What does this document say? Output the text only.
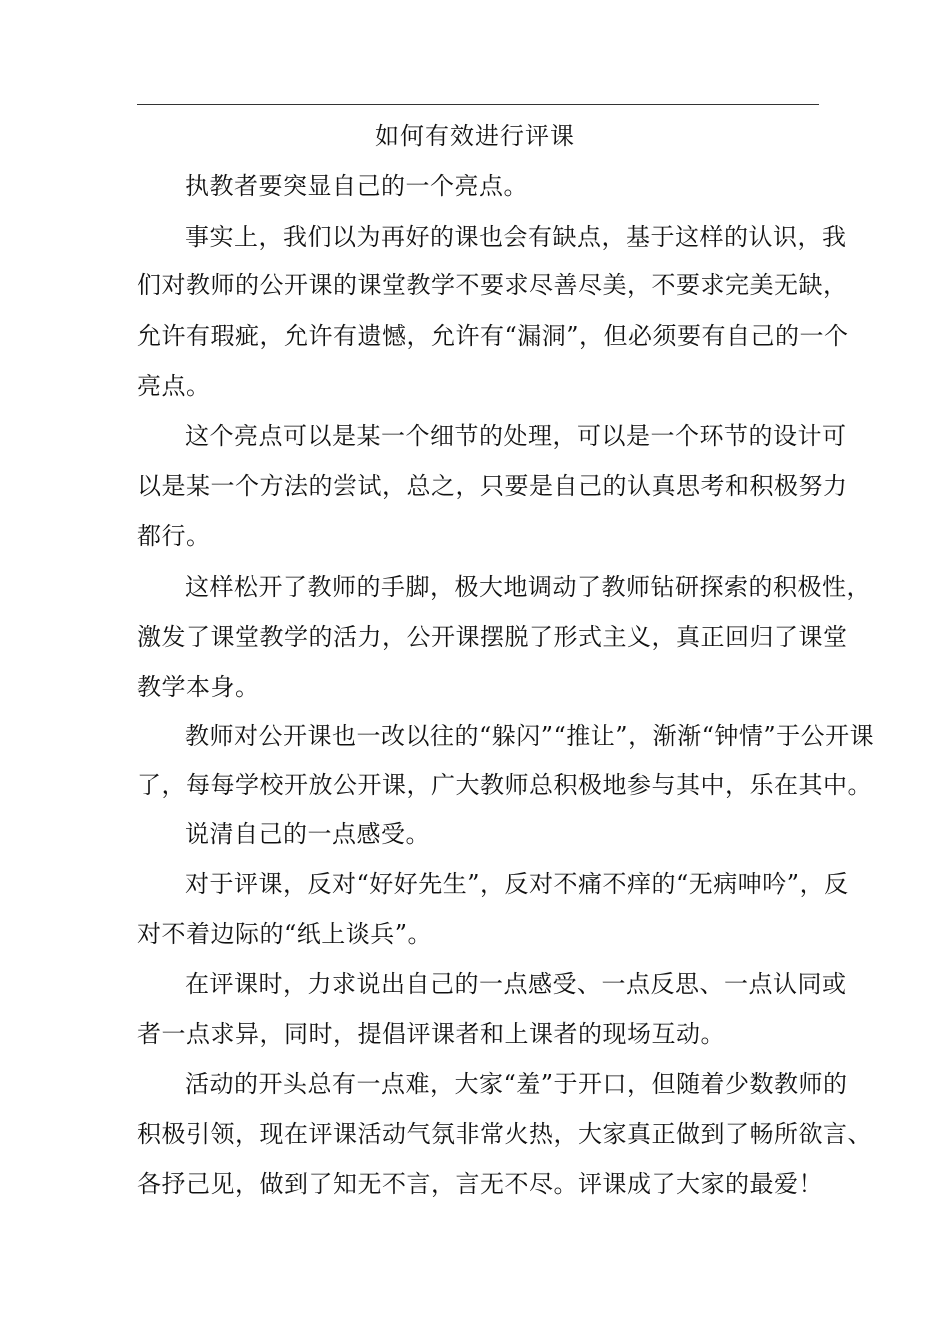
如何有效进行评课
执教者要突显自己的一个亮点。
事实上，我们以为再好的课也会有缺点，基于这样的认识，我
们对教师的公开课的课堂教学不要求尽善尽美，不要求完美无缺，
允许有瑕疵，允许有遗憾，允许有“漏洞”，但必须要有自己的一个
亮点。
这个亮点可以是某一个细节的处理，可以是一个环节的设计可
以是某一个方法的尝试，总之，只要是自己的认真思考和积极努力
都行。
这样松开了教师的手脚，极大地调动了教师钻研探索的积极性，
激发了课堂教学的活力，公开课摆脱了形式主义，真正回归了课堂
教学本身。
教师对公开课也一改以往的“躲闪”“推让”，渐渐“钟情”于公开课
了，每每学校开放公开课，广大教师总积极地参与其中，乐在其中。
说清自己的一点感受。
对于评课，反对“好好先生”，反对不痛不痒的“无病呻吟”，反
对不着边际的“纸上谈兵”。
在评课时，力求说出自己的一点感受、一点反思、一点认同或
者一点求异，同时，提倡评课者和上课者的现场互动。
活动的开头总有一点难，大家“羞”于开口，但随着少数教师的
积极引领，现在评课活动气氛非常火热，大家真正做到了畅所欲言、
各抒己见，做到了知无不言，言无不尽。评课成了大家的最爱！
